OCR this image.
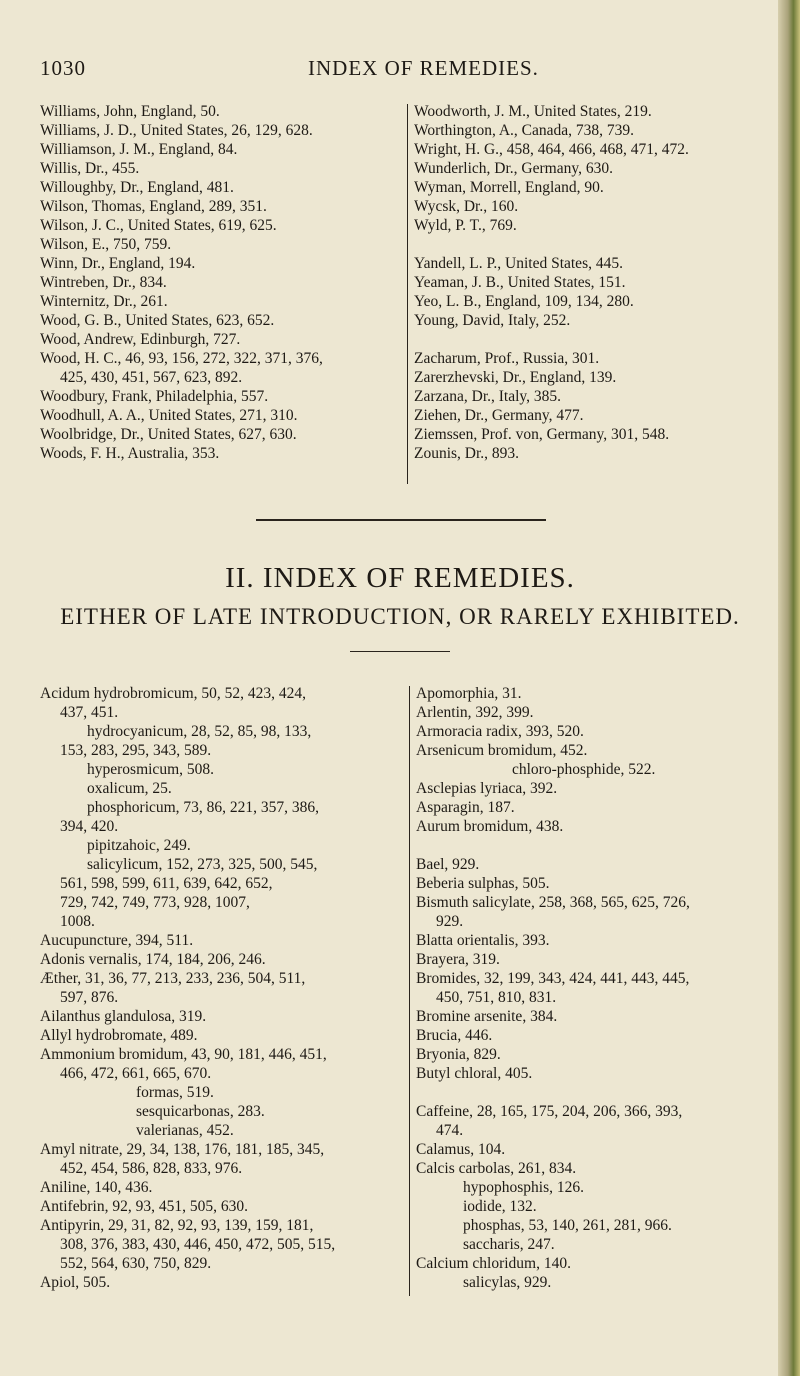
1030	INDEX OF REMEDIES.
Williams, John, England, 50.
Williams, J. D., United States, 26, 129, 628.
Williamson, J. M., England, 84.
Willis, Dr., 455.
Willoughby, Dr., England, 481.
Wilson, Thomas, England, 289, 351.
Wilson, J. C., United States, 619, 625.
Wilson, E., 750, 759.
Winn, Dr., England, 194.
Wintreben, Dr., 834.
Winternitz, Dr., 261.
Wood, G. B., United States, 623, 652.
Wood, Andrew, Edinburgh, 727.
Wood, H. C., 46, 93, 156, 272, 322, 371, 376,
425, 430, 451, 567, 623, 892.
Woodbury, Frank, Philadelphia, 557.
Woodhull, A. A., United States, 271, 310.
Woolbridge, Dr., United States, 627, 630.
Woods, F. H., Australia, 353.
Woodworth, J. M., United States, 219.
Worthington, A., Canada, 738, 739.
Wright, H. G., 458, 464, 466, 468, 471, 472.
Wunderlich, Dr., Germany, 630.
Wyman, Morrell, England, 90.
Wycsk, Dr., 160.
Wyld, P. T., 769.
Yandell, L. P., United States, 445.
Yeaman, J. B., United States, 151.
Yeo, L. B., England, 109, 134, 280.
Young, David, Italy, 252.
Zacharum, Prof., Russia, 301.
Zarerzhevski, Dr., England, 139.
Zarzana, Dr., Italy, 385.
Ziehen, Dr., Germany, 477.
Ziemssen, Prof. von, Germany, 301, 548.
Zounis, Dr., 893.
II. INDEX OF REMEDIES.
EITHER OF LATE INTRODUCTION, OR RARELY EXHIBITED.
Acidum hydrobromicum, 50, 52, 423, 424,
437, 451.
hydrocyanicum, 28, 52, 85, 98, 133,
153, 283, 295, 343, 589.
hyperosmicum, 508.
oxalicum, 25.
phosphoricum, 73, 86, 221, 357, 386,
394, 420.
pipitzahoic, 249.
salicylicum, 152, 273, 325, 500, 545,
561, 598, 599, 611, 639, 642, 652,
729, 742, 749, 773, 928, 1007,
1008.
Aucupuncture, 394, 511.
Adonis vernalis, 174, 184, 206, 246.
Æther, 31, 36, 77, 213, 233, 236, 504, 511,
597, 876.
Ailanthus glandulosa, 319.
Allyl hydrobromate, 489.
Ammonium bromidum, 43, 90, 181, 446, 451,
466, 472, 661, 665, 670.
formas, 519.
sesquicarbonas, 283.
valerianas, 452.
Amyl nitrate, 29, 34, 138, 176, 181, 185, 345,
452, 454, 586, 828, 833, 976.
Aniline, 140, 436.
Antifebrin, 92, 93, 451, 505, 630.
Antipyrin, 29, 31, 82, 92, 93, 139, 159, 181,
308, 376, 383, 430, 446, 450, 472, 505, 515,
552, 564, 630, 750, 829.
Apiol, 505.
Apomorphia, 31.
Arlentin, 392, 399.
Armoracia radix, 393, 520.
Arsenicum bromidum, 452.
chloro-phosphide, 522.
Asclepias lyriaca, 392.
Asparagin, 187.
Aurum bromidum, 438.
Bael, 929.
Beberia sulphas, 505.
Bismuth salicylate, 258, 368, 565, 625, 726,
929.
Blatta orientalis, 393.
Brayera, 319.
Bromides, 32, 199, 343, 424, 441, 443, 445,
450, 751, 810, 831.
Bromine arsenite, 384.
Brucia, 446.
Bryonia, 829.
Butyl chloral, 405.
Caffeine, 28, 165, 175, 204, 206, 366, 393,
474.
Calamus, 104.
Calcis carbolas, 261, 834.
hypophosphis, 126.
iodide, 132.
phosphas, 53, 140, 261, 281, 966.
saccharis, 247.
Calcium chloridum, 140.
salicylas, 929.
